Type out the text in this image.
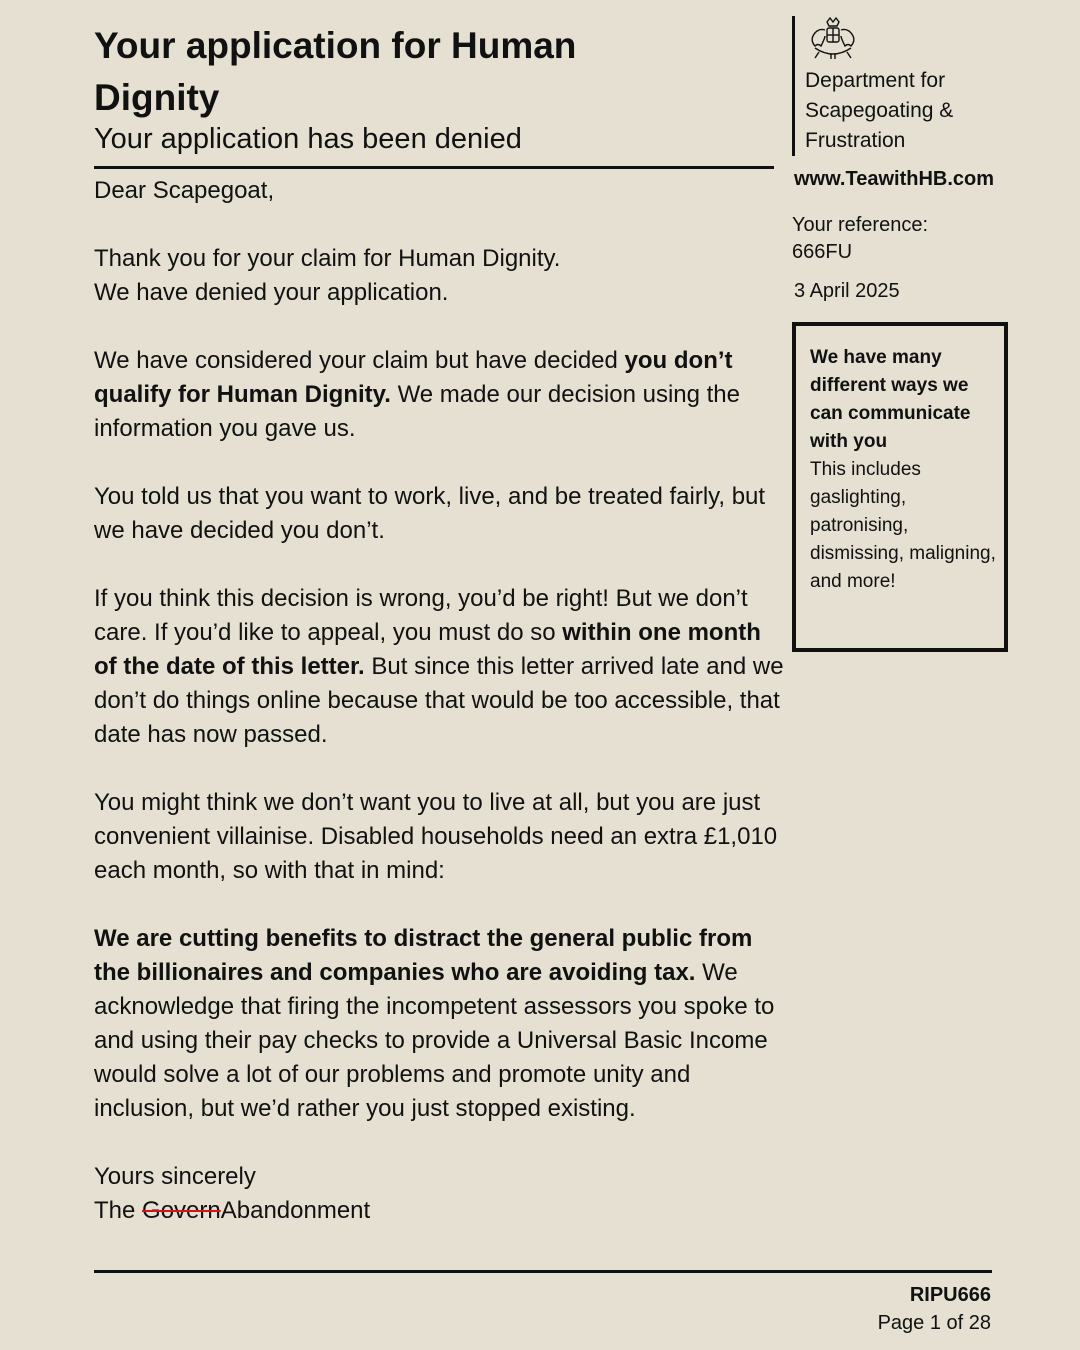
Your application for Human Dignity
Your application has been denied

Dear Scapegoat,

Thank you for your claim for Human Dignity.
We have denied your application.

We have considered your claim but have decided you don’t qualify for Human Dignity. We made our decision using the information you gave us.

You told us that you want to work, live, and be treated fairly, but we have decided you don’t.

If you think this decision is wrong, you’d be right! But we don’t care. If you’d like to appeal, you must do so within one month of the date of this letter. But since this letter arrived late and we don’t do things online because that would be too accessible, that date has now passed.

You might think we don’t want you to live at all, but you are just convenient villainise. Disabled households need an extra £1,010 each month, so with that in mind:

We are cutting benefits to distract the general public from the billionaires and companies who are avoiding tax. We acknowledge that firing the incompetent assessors you spoke to and using their pay checks to provide a Universal Basic Income would solve a lot of our problems and promote unity and inclusion, but we’d rather you just stopped existing.

Yours sincerely
The GovernAbandonment

Department for Scapegoating & Frustration
www.TeawithHB.com
Your reference:
666FU
3 April 2025
We have many different ways we can communicate with you
This includes gaslighting, patronising, dismissing, maligning, and more!
RIPU666
Page 1 of 28
